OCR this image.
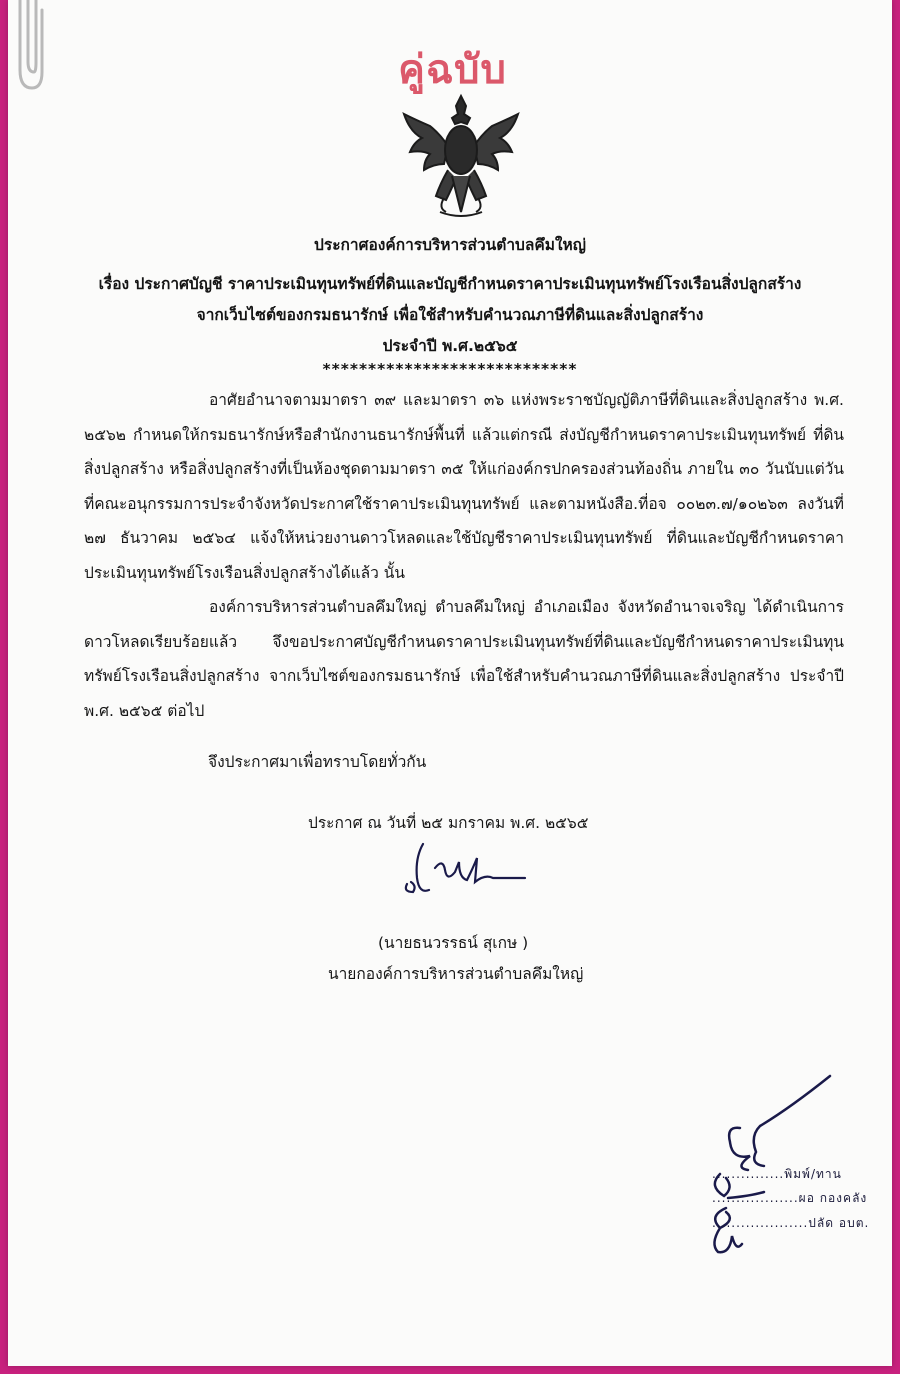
คู่ฉบับ
ประกาศองค์การบริหารส่วนตำบลคึมใหญ่
เรื่อง ประกาศบัญชี ราคาประเมินทุนทรัพย์ที่ดินและบัญชีกำหนดราคาประเมินทุนทรัพย์โรงเรือนสิ่งปลูกสร้าง
จากเว็บไซต์ของกรมธนารักษ์ เพื่อใช้สำหรับคำนวณภาษีที่ดินและสิ่งปลูกสร้าง
ประจำปี พ.ศ.๒๕๖๕
****************************
อาศัยอำนาจตามมาตรา ๓๙ และมาตรา ๓๖ แห่งพระราชบัญญัติภาษีที่ดินและสิ่งปลูกสร้าง พ.ศ. ๒๕๖๒ กำหนดให้กรมธนารักษ์หรือสำนักงานธนารักษ์พื้นที่ แล้วแต่กรณี ส่งบัญชีกำหนดราคาประเมินทุนทรัพย์ ที่ดิน สิ่งปลูกสร้าง หรือสิ่งปลูกสร้างที่เป็นห้องชุดตามมาตรา ๓๕ ให้แก่องค์กรปกครองส่วนท้องถิ่น ภายใน ๓๐ วันนับแต่วันที่คณะอนุกรรมการประจำจังหวัดประกาศใช้ราคาประเมินทุนทรัพย์ และตามหนังสือ.ที่อจ ๐๐๒๓.๗/๑๐๒๖๓ ลงวันที่ ๒๗ ธันวาคม ๒๕๖๔ แจ้งให้หน่วยงานดาวโหลดและใช้บัญชีราคาประเมินทุนทรัพย์ ที่ดินและบัญชีกำหนดราคาประเมินทุนทรัพย์โรงเรือนสิ่งปลูกสร้างได้แล้ว นั้น
องค์การบริหารส่วนตำบลคึมใหญ่ ตำบลคึมใหญ่ อำเภอเมือง จังหวัดอำนาจเจริญ ได้ดำเนินการ ดาวโหลดเรียบร้อยแล้ว จึงขอประกาศบัญชีกำหนดราคาประเมินทุนทรัพย์ที่ดินและบัญชีกำหนดราคาประเมินทุน ทรัพย์โรงเรือนสิ่งปลูกสร้าง จากเว็บไซต์ของกรมธนารักษ์ เพื่อใช้สำหรับคำนวณภาษีที่ดินและสิ่งปลูกสร้าง ประจำปี พ.ศ. ๒๕๖๕ ต่อไป
จึงประกาศมาเพื่อทราบโดยทั่วกัน
ประกาศ ณ วันที่ ๒๕ มกราคม พ.ศ. ๒๕๖๕
(นายธนวรรธน์ สุเกษ )
นายกองค์การบริหารส่วนตำบลคึมใหญ่
...............พิมพ์/ทาน
..................ผอ กองคลัง
....................ปลัด อบต.
